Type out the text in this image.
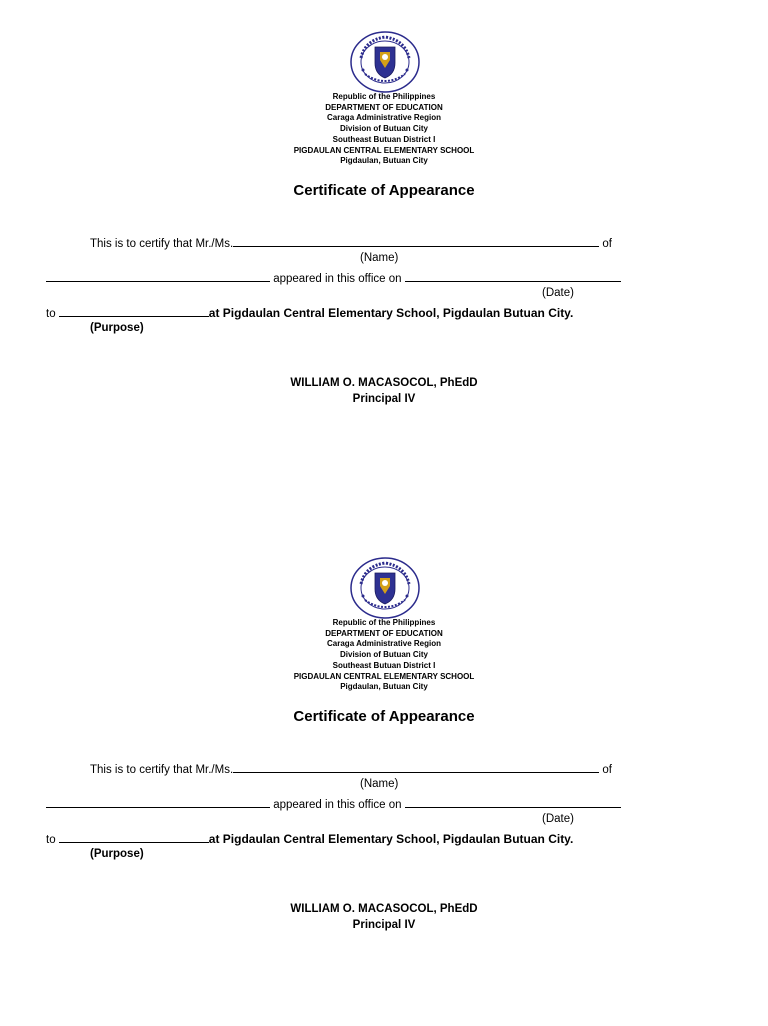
Republic of the Philippines
DEPARTMENT OF EDUCATION
Caraga Administrative Region
Division of Butuan City
Southeast Butuan District I
PIGDAULAN CENTRAL ELEMENTARY SCHOOL
Pigdaulan, Butuan City
Certificate of Appearance
This is to certify that Mr./Ms.	of
(Name)
appeared in this office on
(Date)
to	at Pigdaulan Central Elementary School, Pigdaulan Butuan City.
(Purpose)
WILLIAM O. MACASOCOL, PhEdD
Principal IV
Republic of the Philippines
DEPARTMENT OF EDUCATION
Caraga Administrative Region
Division of Butuan City
Southeast Butuan District I
PIGDAULAN CENTRAL ELEMENTARY SCHOOL
Pigdaulan, Butuan City
Certificate of Appearance
This is to certify that Mr./Ms.	of
(Name)
appeared in this office on
(Date)
to	at Pigdaulan Central Elementary School, Pigdaulan Butuan City.
(Purpose)
WILLIAM O. MACASOCOL, PhEdD
Principal IV
